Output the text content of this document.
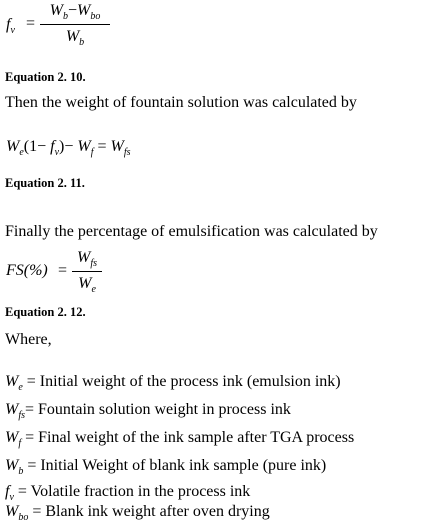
$f_v$ =
$W_b-W_{bo}$
$W_b$
Equation 2. 10.
Then the weight of fountain solution was calculated by
$W_e(1- f_v)- W_f = W_{fs}$
Equation 2. 11.
Finally the percentage of emulsification was calculated by
FS(%) =
$W_{fs}$
$W_e$
Equation 2. 12.
Where,
$W_e$ = Initial weight of the process ink (emulsion ink)
$W_{fs}=$ Fountain solution weight in process ink
$W_f$ = Final weight of the ink sample after TGA process
$W_b$ = Initial Weight of blank ink sample (pure ink)
$f_v$ = Volatile fraction in the process ink
$W_{bo}$ = Blank ink weight after oven drying
